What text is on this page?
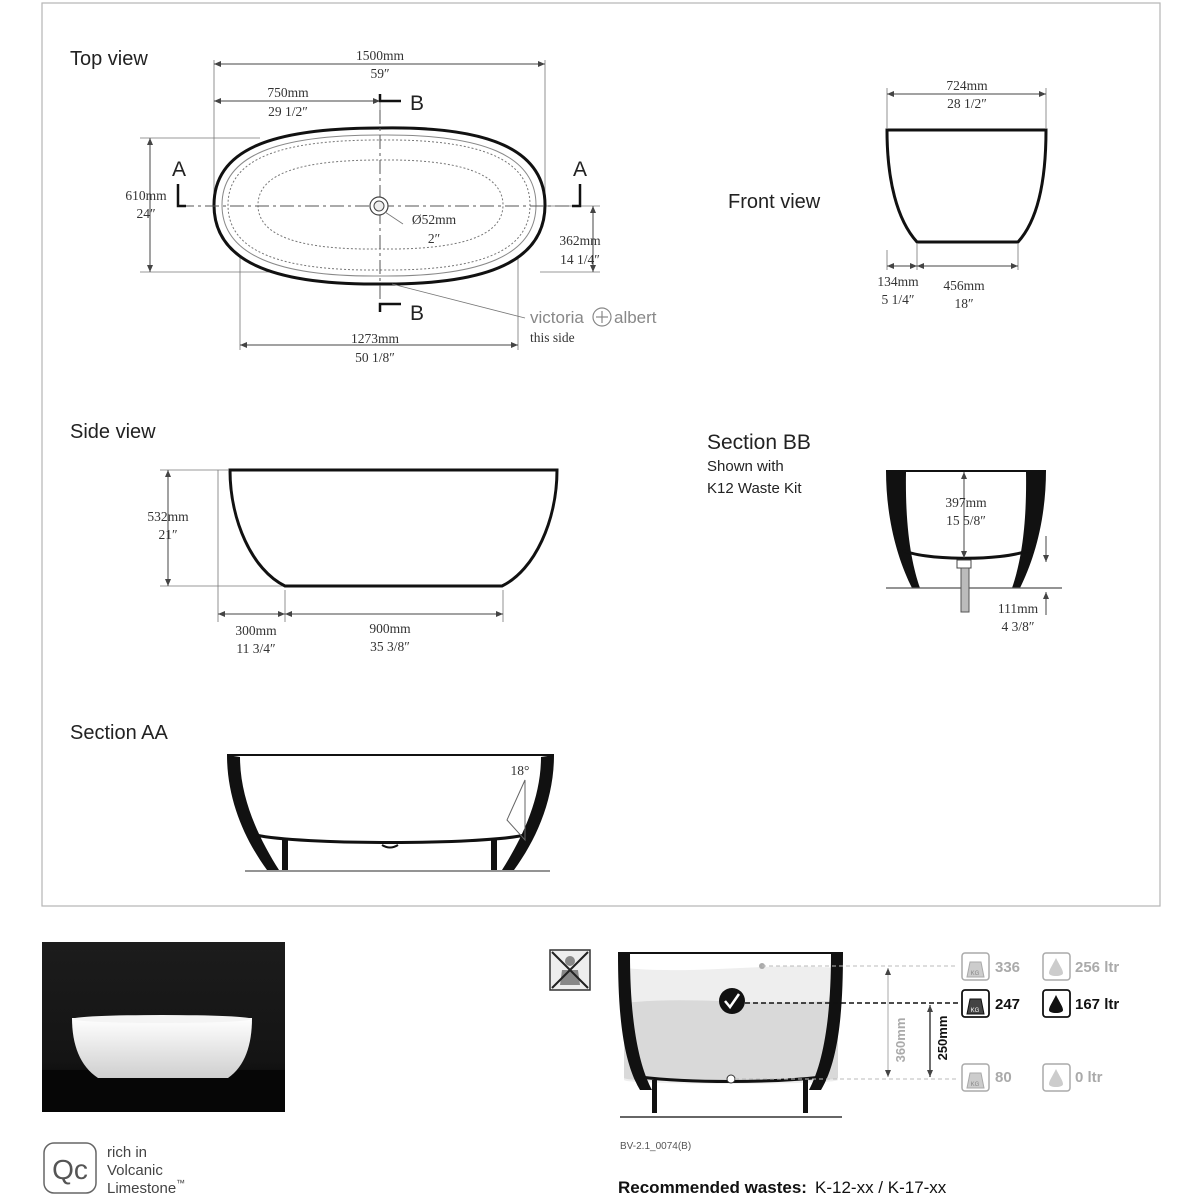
Top view
A	A
B
B
1500mm
59″
750mm
29 1/2″
610mm
24″	Ø52mm
2″	362mm
14 1/4″
1273mm
50 1/8″
victoria albert
this side
Front view
724mm
28 1/2″
134mm
5 1/4″
456mm
18″
Side view
532mm
21″
300mm
11 3/4″
900mm
35 3/8″
Section BB
Shown with
K12 Waste Kit
397mm
15 5/8″
111mm
4 3/8″
Section AA
18°
Qc
rich in
Volcanic
Limestone ™
360mm 250mm
KG 336	256 ltr
KG 247	167 ltr
KG 80	0 ltr
BV-2.1_0074(B)
Recommended wastes: K-12-xx / K-17-xx
